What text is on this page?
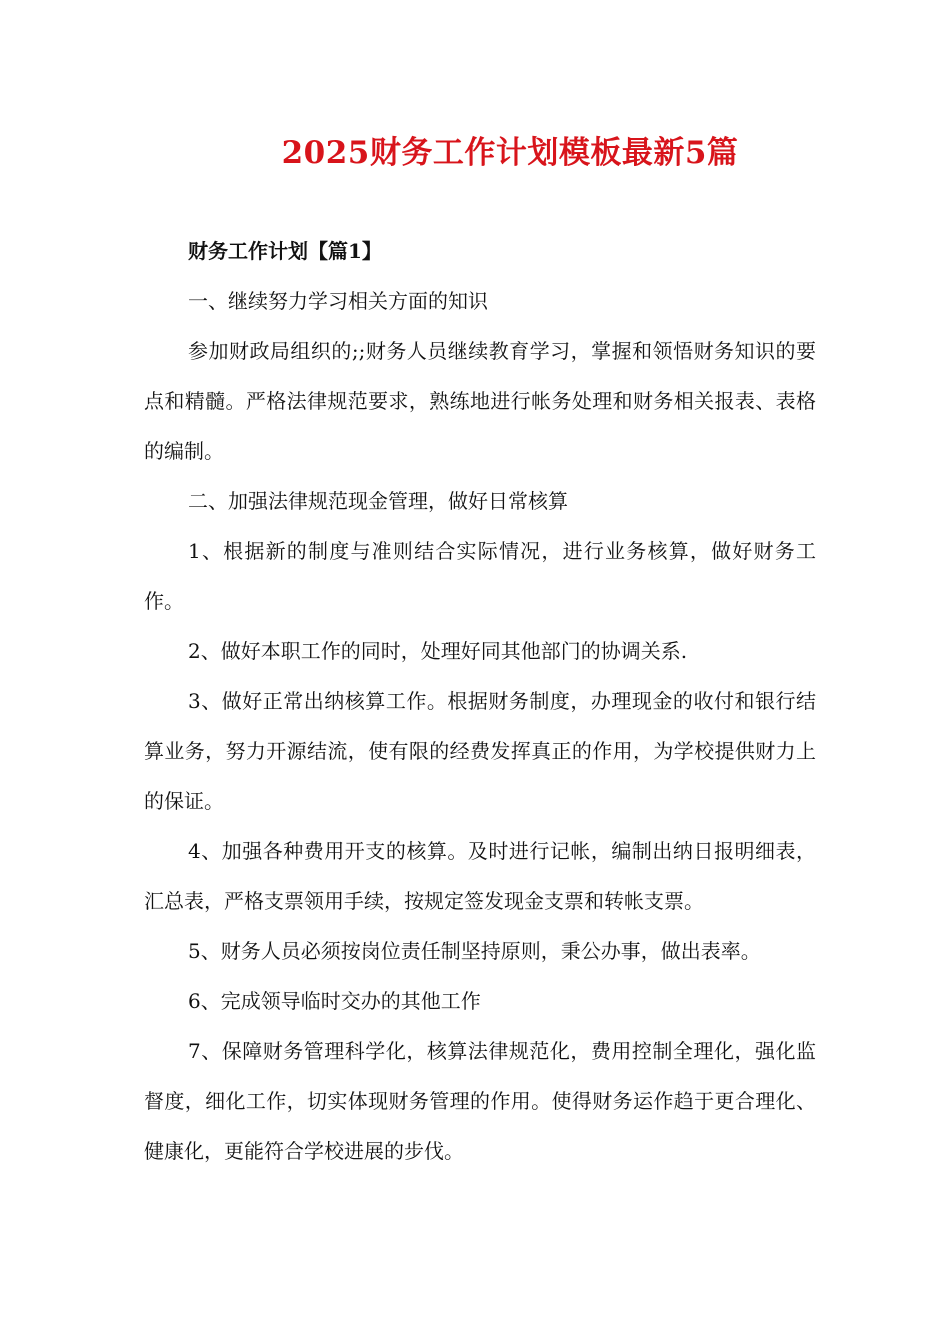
2025财务工作计划模板最新5篇

财务工作计划【篇1】

一、继续努力学习相关方面的知识

参加财政局组织的;;财务人员继续教育学习，掌握和领悟财务知识的要点和精髓。严格法律规范要求，熟练地进行帐务处理和财务相关报表、表格的编制。

二、加强法律规范现金管理，做好日常核算

1、根据新的制度与准则结合实际情况，进行业务核算，做好财务工作。

2、做好本职工作的同时，处理好同其他部门的协调关系.

3、做好正常出纳核算工作。根据财务制度，办理现金的收付和银行结算业务，努力开源结流，使有限的经费发挥真正的作用，为学校提供财力上的保证。

4、加强各种费用开支的核算。及时进行记帐，编制出纳日报明细表，汇总表，严格支票领用手续，按规定签发现金支票和转帐支票。

5、财务人员必须按岗位责任制坚持原则，秉公办事，做出表率。

6、完成领导临时交办的其他工作

7、保障财务管理科学化，核算法律规范化，费用控制全理化，强化监督度，细化工作，切实体现财务管理的作用。使得财务运作趋于更合理化、健康化，更能符合学校进展的步伐。
